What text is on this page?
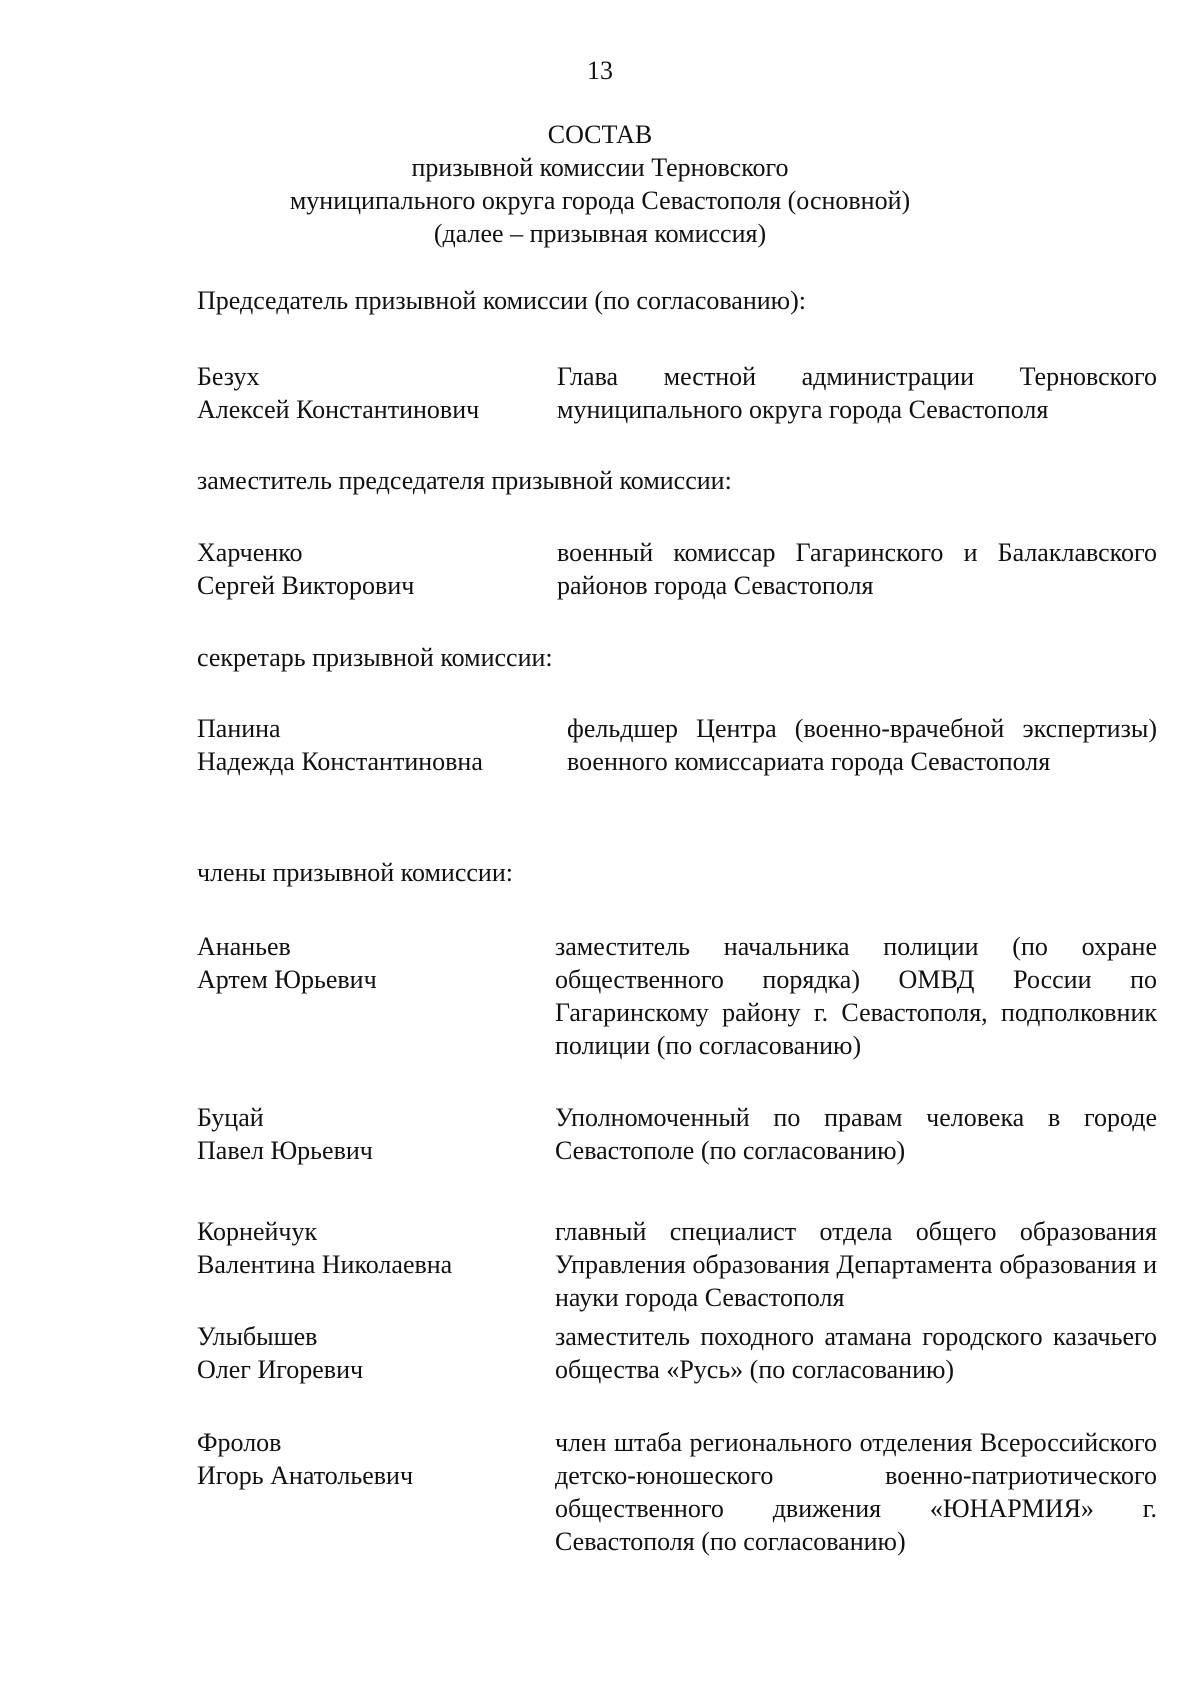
13
СОСТАВ
призывной комиссии Терновского
муниципального округа города Севастополя (основной)
(далее – призывная комиссия)
Председатель призывной комиссии (по согласованию):
Безух
Алексей Константинович
Глава местной администрации Терновского муниципального округа города Севастополя
заместитель председателя призывной комиссии:
Харченко
Сергей Викторович
военный комиссар Гагаринского и Балаклавского районов города Севастополя
секретарь призывной комиссии:
Панина
Надежда Константиновна
фельдшер Центра (военно-врачебной экспертизы) военного комиссариата города Севастополя
члены призывной комиссии:
Ананьев
Артем Юрьевич
заместитель начальника полиции (по охране общественного порядка) ОМВД России по Гагаринскому району г. Севастополя, подполковник полиции (по согласованию)
Буцай
Павел Юрьевич
Уполномоченный по правам человека в городе Севастополе (по согласованию)
Корнейчук
Валентина Николаевна
главный специалист отдела общего образования Управления образования Департамента образования и науки города Севастополя
Улыбышев
Олег Игоревич
заместитель походного атамана городского казачьего общества «Русь» (по согласованию)
Фролов
Игорь Анатольевич
член штаба регионального отделения Всероссийского детско-юношеского военно-патриотического общественного движения «ЮНАРМИЯ» г. Севастополя (по согласованию)
